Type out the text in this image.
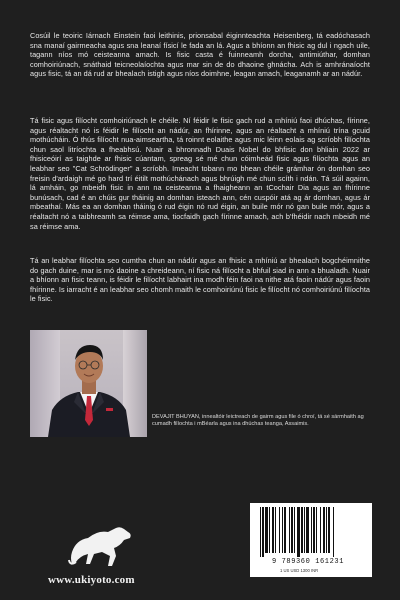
Cosúil le teoiric Iárnach Einstein faoi leithinis, prionsabal éiginnteachta Heisenberg, tá eadóchasach sna manaí gairmeacha agus sna leanaí físicí le fada an lá. Agus a bhíonn an fhisic ag dul i ngach uile, tagann níos mó ceisteanna amach. Is fisic casta é fuinneamh dorcha, antimiúthar, domhan comhoiriúnach, snáthaid teicneolaíochta agus mar sin de do dhaoine ghnácha. Ach is amhránaíocht agus fisic, tá an dá rud ar bhealach istigh agus níos doimhne, leagan amach, leaganamh ar an nádúr.

Tá fisic agus filíocht comhoiriúnach le chéile. Ní féidir le fisic gach rud a mhíniú faoi dhúchas, fírinne, agus réaltacht nó is féidir le filíocht an nádúr, an fhírinne, agus an réaltacht a mhíniú trína gcuid mothúcháin. Ó thús filíocht nua-aimseartha, tá roinnt eolaithe agus mic léinn eolais ag scríobh filíochta chun saol litríochta a fheabhsú. Nuair a bhronnadh Duais Nobel do bhfisic don bhliain 2022 ar fhisiceóirí as taighde ar fhisic cúantam, spreag sé mé chun cóimheád fisic agus filíochta agus an leabhar seo "Cat Schrödinger" a scríobh. Imeacht tobann mo bhean chéile grámhar ón domhan seo freisin d'ardaigh mé go hard trí éitilt mothúchánach agus bhrúigh mé chun scíth i ndán. Tá súil againn, lá amháin, go mbeidh fisic in ann na ceisteanna a fhaigheann an tCochair Dia agus an fhírinne bunúsach, cad é an chúis gur tháinig an domhan isteach ann, cén cuspóir atá ag ár domhan, agus ár mbeathaí. Más ea an domhan tháinig ó rud éigin nó rud éigin, an buile mór nó gan buile mór, agus a réaltacht nó a taibhreamh sa réimse ama, tiocfaidh gach fírinne amach, ach b'fhéidir nach mbeidh mé sa réimse ama.

Tá an leabhar filíochta seo cumtha chun an nádúr agus an fhisic a mhíniú ar bhealach bogchéimnithe do gach duine, mar is mó daoine a chreideann, ní fisic ná filíocht a bhfuil siad in ann a bhualadh. Nuair a bhíonn an fisic teann, is féidir le filíocht labhairt ina modh féin faoi na nithe atá faoin nádúr agus faoin fhírinne. Is iarracht é an leabhar seo chomh maith le comhoiriúnú fisic le filíocht nó comhoiriúnú filíochta le fisic.

DEVAJIT BHUYAN, innealtóir leictreach de gairm agus file ó chroí, tá sé sármhaith ag cumadh filíochta i mBéarla agus ina dhúchas teanga, Assaimis.

www.ukiyoto.com
9 789360 161231
1 US USD 1300 INR
